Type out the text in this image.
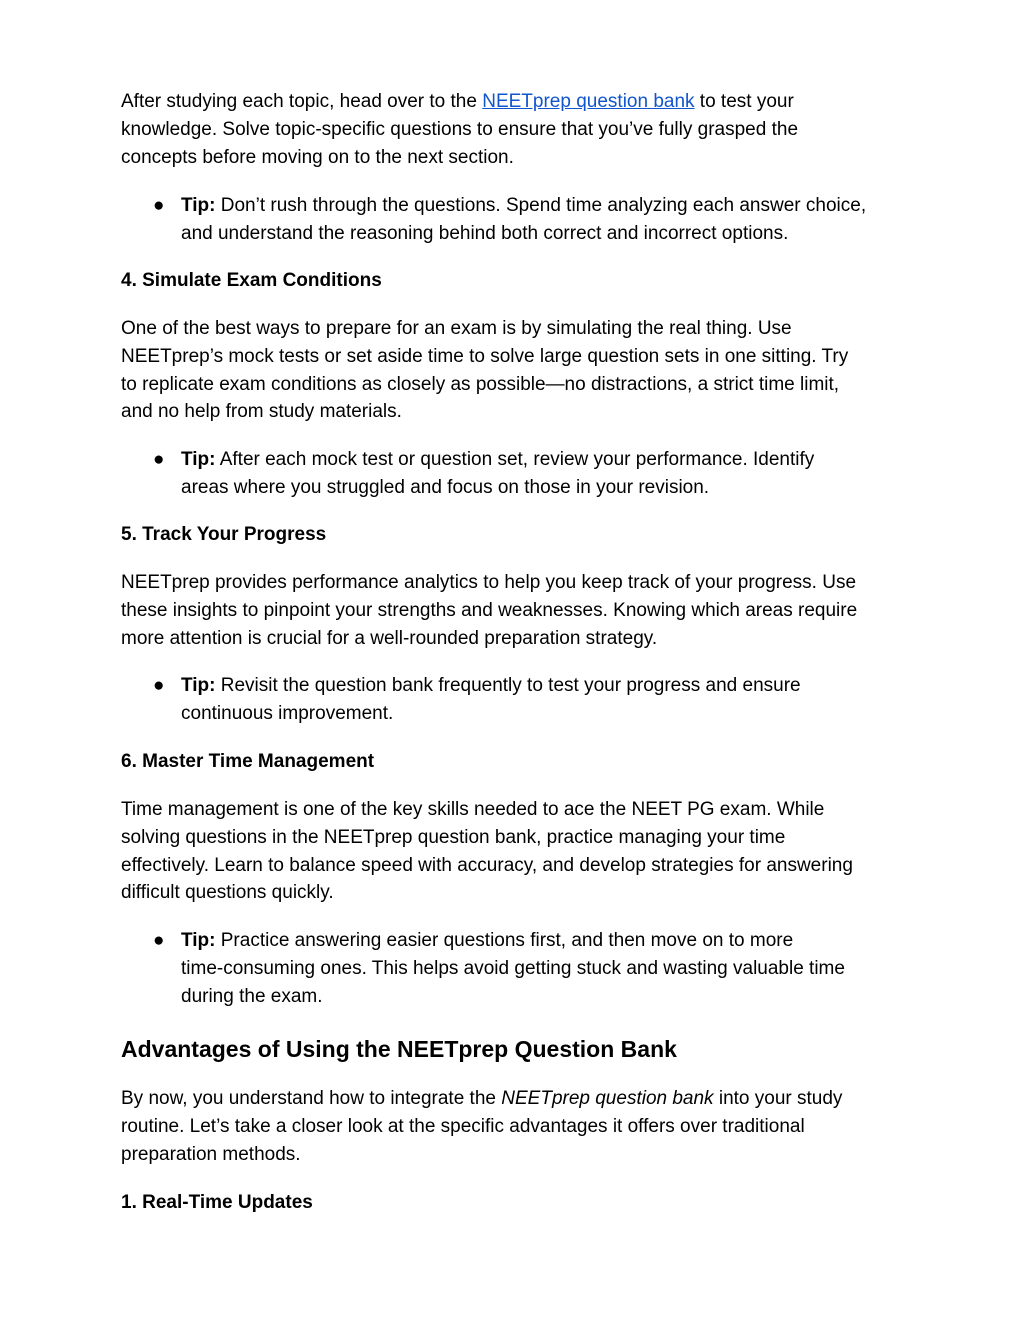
After studying each topic, head over to the NEETprep question bank to test your
knowledge. Solve topic-specific questions to ensure that you’ve fully grasped the
concepts before moving on to the next section.

● Tip: Don’t rush through the questions. Spend time analyzing each answer choice,
and understand the reasoning behind both correct and incorrect options.

4. Simulate Exam Conditions

One of the best ways to prepare for an exam is by simulating the real thing. Use
NEETprep’s mock tests or set aside time to solve large question sets in one sitting. Try
to replicate exam conditions as closely as possible—no distractions, a strict time limit,
and no help from study materials.

● Tip: After each mock test or question set, review your performance. Identify
areas where you struggled and focus on those in your revision.

5. Track Your Progress

NEETprep provides performance analytics to help you keep track of your progress. Use
these insights to pinpoint your strengths and weaknesses. Knowing which areas require
more attention is crucial for a well-rounded preparation strategy.

● Tip: Revisit the question bank frequently to test your progress and ensure
continuous improvement.

6. Master Time Management

Time management is one of the key skills needed to ace the NEET PG exam. While
solving questions in the NEETprep question bank, practice managing your time
effectively. Learn to balance speed with accuracy, and develop strategies for answering
difficult questions quickly.

● Tip: Practice answering easier questions first, and then move on to more
time-consuming ones. This helps avoid getting stuck and wasting valuable time
during the exam.

Advantages of Using the NEETprep Question Bank

By now, you understand how to integrate the NEETprep question bank into your study
routine. Let’s take a closer look at the specific advantages it offers over traditional
preparation methods.

1. Real-Time Updates
